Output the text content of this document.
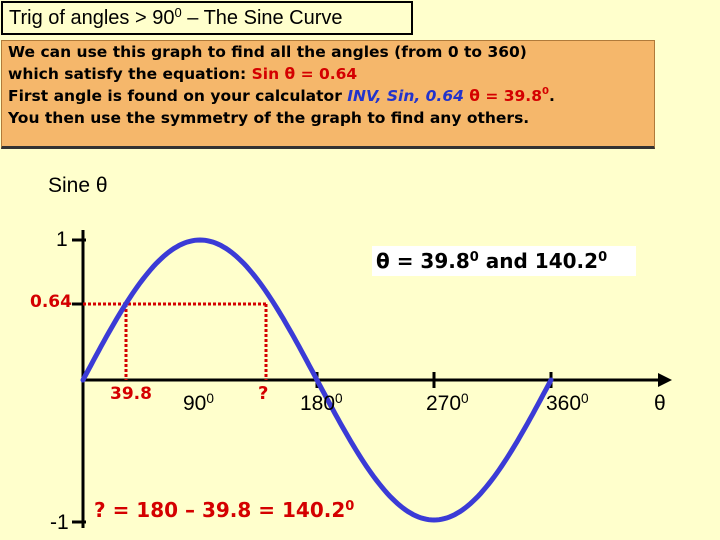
Trig of angles > $90^0$ – The Sine Curve
We can use this graph to find all the angles (from 0 to 360)
which satisfy the equation: Sin θ = 0.64
First angle is found on your calculator INV, Sin, 0.64 $\theta = 39.8^0$.
You then use the symmetry of the graph to find any others.
Sine θ
1
-1
0.64
$\theta = 39.8^0$ and 140.2$^0$
39.8 $90^0$ ? $180^0$	$270^0$	$360^0$	θ
? = $180 - 39.8 = 140.2^0$
